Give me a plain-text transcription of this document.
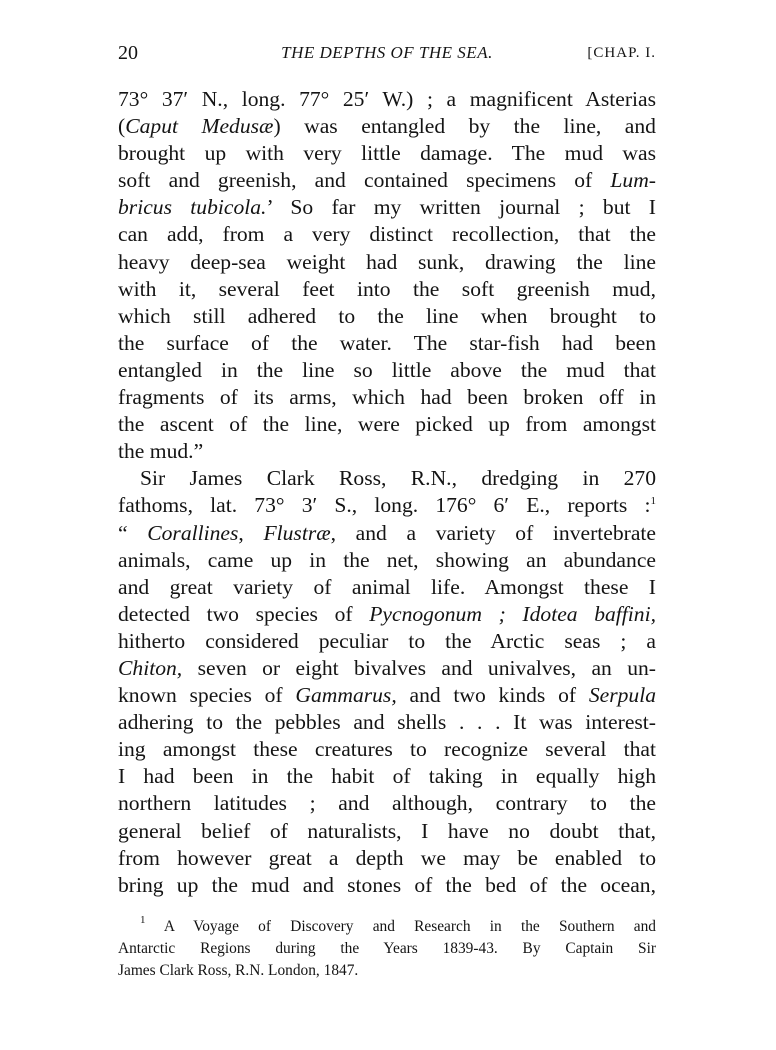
20	THE DEPTHS OF THE SEA.	[CHAP. I.
73° 37′ N., long. 77° 25′ W.) ; a magnificent Asterias
(Caput Medusæ) was entangled by the line, and
brought up with very little damage. The mud was
soft and greenish, and contained specimens of Lum-
bricus tubicola.’ So far my written journal ; but I
can add, from a very distinct recollection, that the
heavy deep-sea weight had sunk, drawing the line
with it, several feet into the soft greenish mud,
which still adhered to the line when brought to
the surface of the water. The star-fish had been
entangled in the line so little above the mud that
fragments of its arms, which had been broken off in
the ascent of the line, were picked up from amongst
the mud.”
Sir James Clark Ross, R.N., dredging in 270
fathoms, lat. 73° 3′ S., long. 176° 6′ E., reports :$^1$
“ Corallines, Flustræ, and a variety of invertebrate
animals, came up in the net, showing an abundance
and great variety of animal life. Amongst these I
detected two species of Pycnogonum ; Idotea baffini,
hitherto considered peculiar to the Arctic seas ; a
Chiton, seven or eight bivalves and univalves, an un-
known species of Gammarus, and two kinds of Serpula
adhering to the pebbles and shells . . . It was interest-
ing amongst these creatures to recognize several that
I had been in the habit of taking in equally high
northern latitudes ; and although, contrary to the
general belief of naturalists, I have no doubt that,
from however great a depth we may be enabled to
bring up the mud and stones of the bed of the ocean,
$^1$ A Voyage of Discovery and Research in the Southern and
Antarctic Regions during the Years 1839-43. By Captain Sir
James Clark Ross, R.N. London, 1847.
